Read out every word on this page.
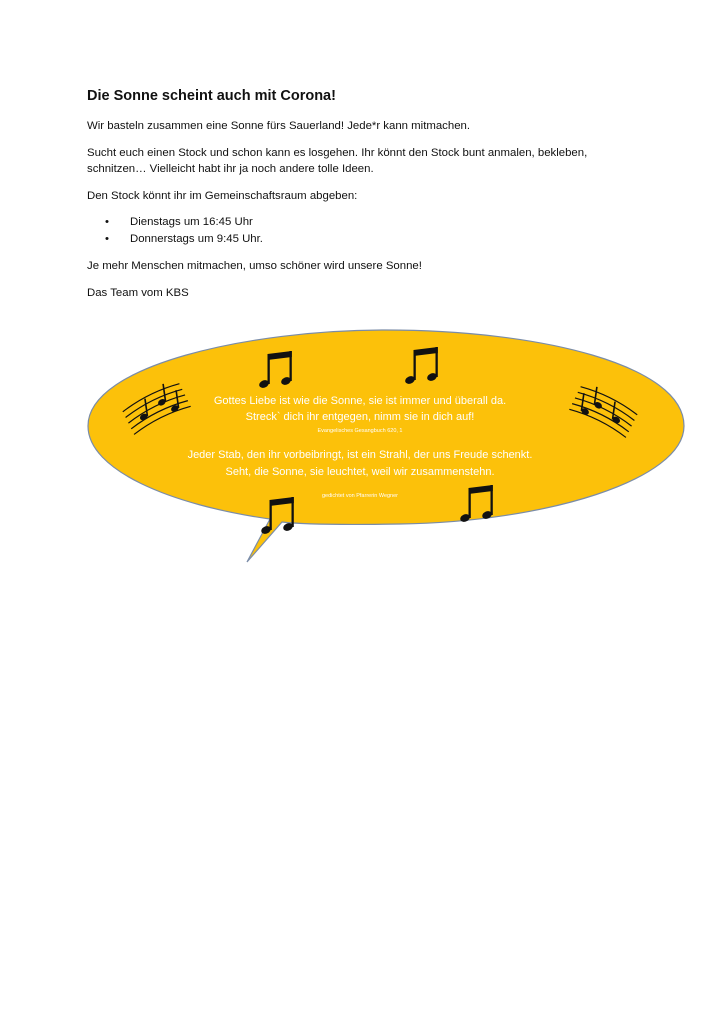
Die Sonne scheint auch mit Corona!

Wir basteln zusammen eine Sonne fürs Sauerland! Jede*r kann mitmachen.

Sucht euch einen Stock und schon kann es losgehen. Ihr könnt den Stock bunt anmalen, bekleben, schnitzen… Vielleicht habt ihr ja noch andere tolle Ideen.

Den Stock könnt ihr im Gemeinschaftsraum abgeben:

• Dienstags um 16:45 Uhr
• Donnerstags um 9:45 Uhr.

Je mehr Menschen mitmachen, umso schöner wird unsere Sonne!

Das Team vom KBS

Gottes Liebe ist wie die Sonne, sie ist immer und überall da.
Streck` dich ihr entgegen, nimm sie in dich auf!
Evangelisches Gesangbuch 620, 1
Jeder Stab, den ihr vorbeibringt, ist ein Strahl, der uns Freude schenkt.
Seht, die Sonne, sie leuchtet, weil wir zusammenstehn.
gedichtet von Pfarrerin Wegner
